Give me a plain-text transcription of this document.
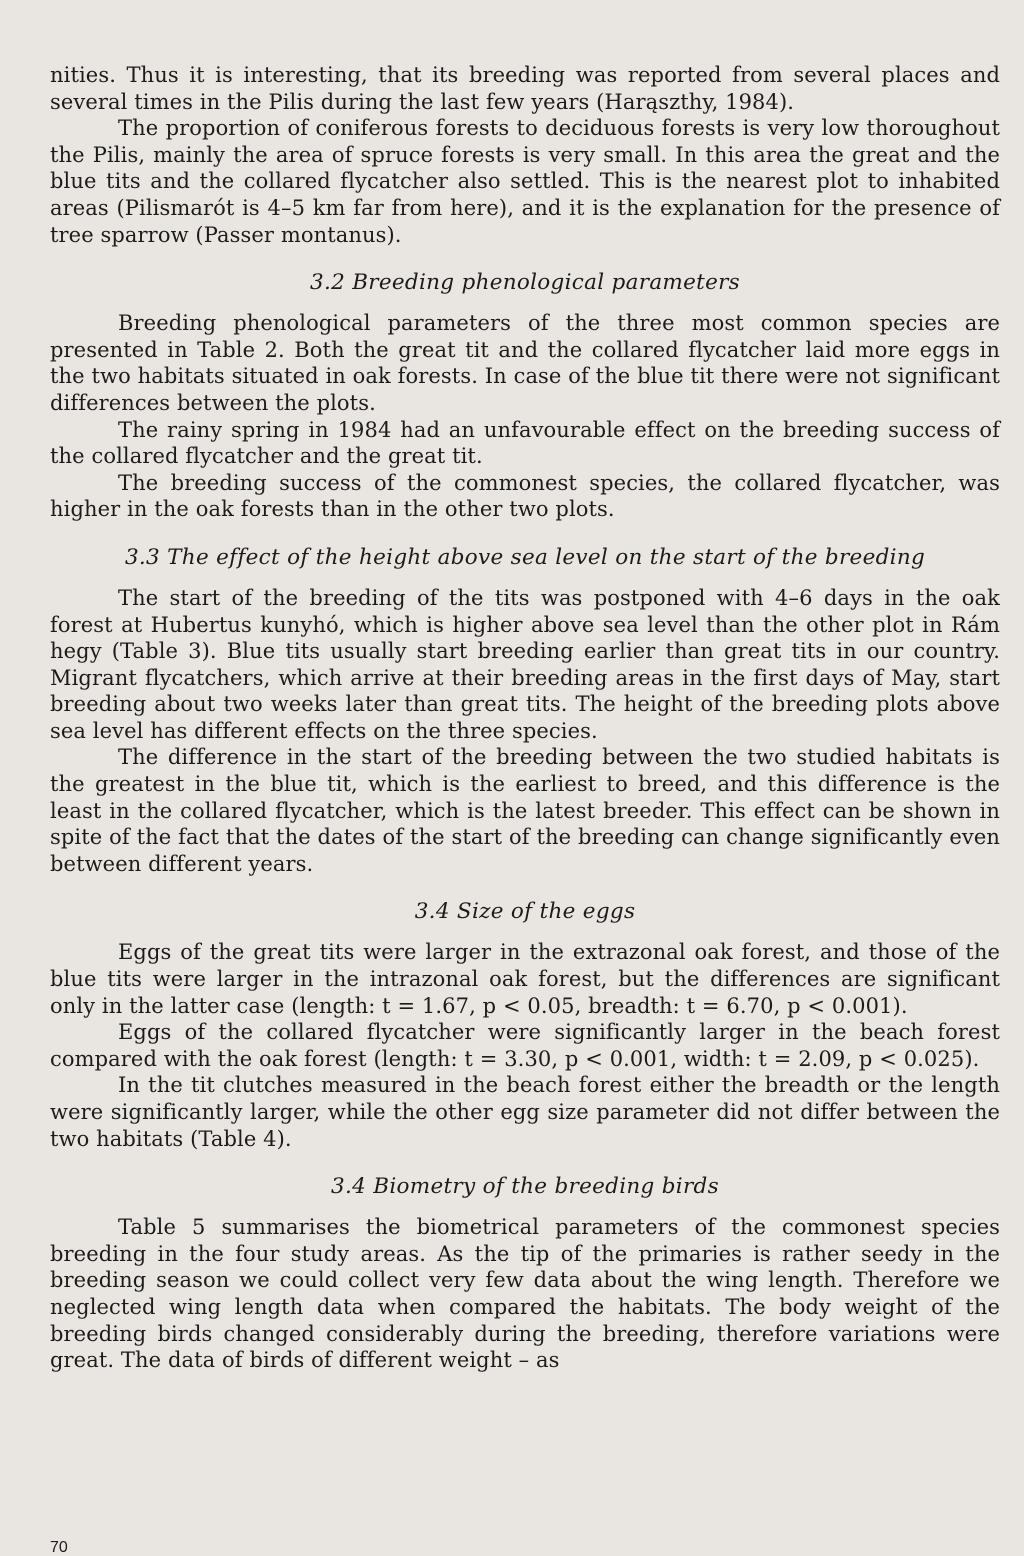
nities. Thus it is interesting, that its breeding was reported from several places and several times in the Pilis during the last few years (Harąszthy, 1984).

The proportion of coniferous forests to deciduous forests is very low thoroughout the Pilis, mainly the area of spruce forests is very small. In this area the great and the blue tits and the collared flycatcher also settled. This is the nearest plot to inhabited areas (Pilismarót is 4–5 km far from here), and it is the explanation for the presence of tree sparrow (Passer montanus).

3.2 Breeding phenological parameters

Breeding phenological parameters of the three most common species are presented in Table 2. Both the great tit and the collared flycatcher laid more eggs in the two habitats situated in oak forests. In case of the blue tit there were not significant differences between the plots.

The rainy spring in 1984 had an unfavourable effect on the breeding success of the collared flycatcher and the great tit.

The breeding success of the commonest species, the collared flycatcher, was higher in the oak forests than in the other two plots.

3.3 The effect of the height above sea level on the start of the breeding

The start of the breeding of the tits was postponed with 4–6 days in the oak forest at Hubertus kunyhó, which is higher above sea level than the other plot in Rám hegy (Table 3). Blue tits usually start breeding earlier than great tits in our country. Migrant flycatchers, which arrive at their breeding areas in the first days of May, start breeding about two weeks later than great tits. The height of the breeding plots above sea level has different effects on the three species.

The difference in the start of the breeding between the two studied habitats is the greatest in the blue tit, which is the earliest to breed, and this difference is the least in the collared flycatcher, which is the latest breeder. This effect can be shown in spite of the fact that the dates of the start of the breeding can change significantly even between different years.

3.4 Size of the eggs

Eggs of the great tits were larger in the extrazonal oak forest, and those of the blue tits were larger in the intrazonal oak forest, but the differences are significant only in the latter case (length: t = 1.67, p < 0.05, breadth: t = 6.70, p < 0.001).

Eggs of the collared flycatcher were significantly larger in the beach forest compared with the oak forest (length: t = 3.30, p < 0.001, width: t = 2.09, p < 0.025).

In the tit clutches measured in the beach forest either the breadth or the length were significantly larger, while the other egg size parameter did not differ between the two habitats (Table 4).

3.4 Biometry of the breeding birds

Table 5 summarises the biometrical parameters of the commonest species breeding in the four study areas. As the tip of the primaries is rather seedy in the breeding season we could collect very few data about the wing length. Therefore we neglected wing length data when compared the habitats. The body weight of the breeding birds changed considerably during the breeding, therefore variations were great. The data of birds of different weight – as

70
